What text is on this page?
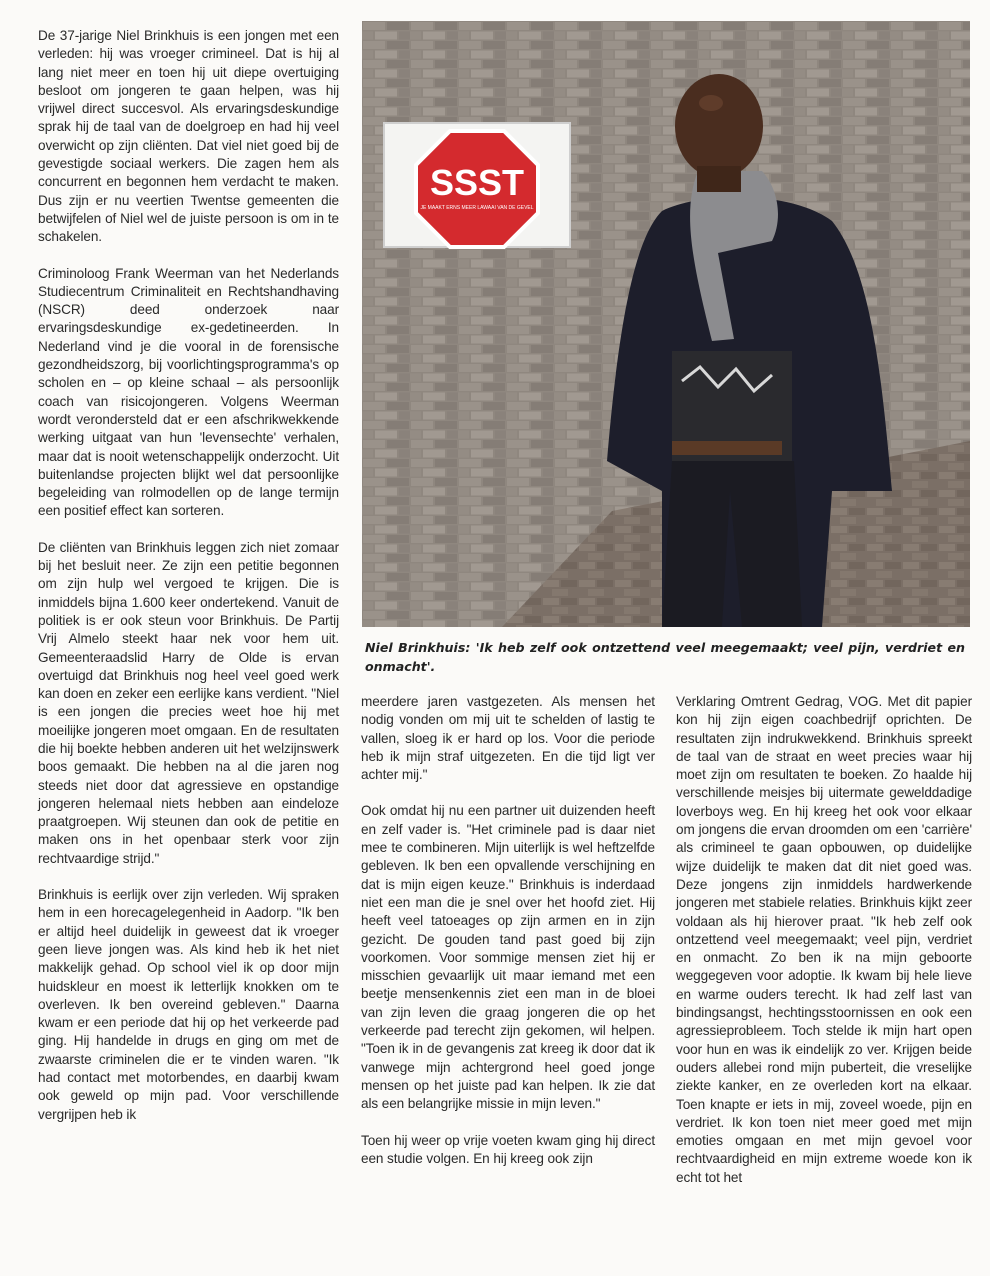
De 37-jarige Niel Brinkhuis is een jongen met een verleden: hij was vroeger crimineel. Dat is hij al lang niet meer en toen hij uit diepe overtuiging besloot om jongeren te gaan helpen, was hij vrijwel direct succesvol. Als ervaringsdeskundige sprak hij de taal van de doelgroep en had hij veel overwicht op zijn cliënten. Dat viel niet goed bij de gevestigde sociaal werkers. Die zagen hem als concurrent en begonnen hem verdacht te maken. Dus zijn er nu veertien Twentse gemeenten die betwijfelen of Niel wel de juiste persoon is om in te schakelen.

Criminoloog Frank Weerman van het Nederlands Studiecentrum Criminaliteit en Rechtshandhaving (NSCR) deed onderzoek naar ervaringsdeskundige ex-gedetineerden. In Nederland vind je die vooral in de forensische gezondheidszorg, bij voorlichtingsprogramma's op scholen en – op kleine schaal – als persoonlijk coach van risicojongeren. Volgens Weerman wordt verondersteld dat er een afschrikwekkende werking uitgaat van hun 'levensechte' verhalen, maar dat is nooit wetenschappelijk onderzocht. Uit buitenlandse projecten blijkt wel dat persoonlijke begeleiding van rolmodellen op de lange termijn een positief effect kan sorteren.

De cliënten van Brinkhuis leggen zich niet zomaar bij het besluit neer. Ze zijn een petitie begonnen om zijn hulp wel vergoed te krijgen. Die is inmiddels bijna 1.600 keer ondertekend. Vanuit de politiek is er ook steun voor Brinkhuis. De Partij Vrij Almelo steekt haar nek voor hem uit. Gemeenteraadslid Harry de Olde is ervan overtuigd dat Brinkhuis nog heel veel goed werk kan doen en zeker een eerlijke kans verdient. "Niel is een jongen die precies weet hoe hij met moeilijke jongeren moet omgaan. En de resultaten die hij boekte hebben anderen uit het welzijnswerk boos gemaakt. Die hebben na al die jaren nog steeds niet door dat agressieve en opstandige jongeren helemaal niets hebben aan eindeloze praatgroepen. Wij steunen dan ook de petitie en maken ons in het openbaar sterk voor zijn rechtvaardige strijd."

Brinkhuis is eerlijk over zijn verleden. Wij spraken hem in een horecagelegenheid in Aadorp. "Ik ben er altijd heel duidelijk in geweest dat ik vroeger geen lieve jongen was. Als kind heb ik het niet makkelijk gehad. Op school viel ik op door mijn huidskleur en moest ik letterlijk knokken om te overleven. Ik ben overeind gebleven." Daarna kwam er een periode dat hij op het verkeerde pad ging. Hij handelde in drugs en ging om met de zwaarste criminelen die er te vinden waren. "Ik had contact met motorbendes, en daarbij kwam ook geweld op mijn pad. Voor verschillende vergrijpen heb ik

SSST
JE MAAKT ERNS MEER LAWAAI VAN DE GEVEL
Niel Brinkhuis: 'Ik heb zelf ook ontzettend veel meegemaakt; veel pijn, verdriet en onmacht'.

meerdere jaren vastgezeten. Als mensen het nodig vonden om mij uit te schelden of lastig te vallen, sloeg ik er hard op los. Voor die periode heb ik mijn straf uitgezeten. En die tijd ligt ver achter mij."

Ook omdat hij nu een partner uit duizenden heeft en zelf vader is. "Het criminele pad is daar niet mee te combineren. Mijn uiterlijk is wel heftzelfde gebleven. Ik ben een opvallende verschijning en dat is mijn eigen keuze." Brinkhuis is inderdaad niet een man die je snel over het hoofd ziet. Hij heeft veel tatoeages op zijn armen en in zijn gezicht. De gouden tand past goed bij zijn voorkomen. Voor sommige mensen ziet hij er misschien gevaarlijk uit maar iemand met een beetje mensenkennis ziet een man in de bloei van zijn leven die graag jongeren die op het verkeerde pad terecht zijn gekomen, wil helpen. "Toen ik in de gevangenis zat kreeg ik door dat ik vanwege mijn achtergrond heel goed jonge mensen op het juiste pad kan helpen. Ik zie dat als een belangrijke missie in mijn leven."

Toen hij weer op vrije voeten kwam ging hij direct een studie volgen. En hij kreeg ook zijn

Verklaring Omtrent Gedrag, VOG. Met dit papier kon hij zijn eigen coachbedrijf oprichten. De resultaten zijn indrukwekkend. Brinkhuis spreekt de taal van de straat en weet precies waar hij moet zijn om resultaten te boeken. Zo haalde hij verschillende meisjes bij uitermate gewelddadige loverboys weg. En hij kreeg het ook voor elkaar om jongens die ervan droomden om een 'carrière' als crimineel te gaan opbouwen, op duidelijke wijze duidelijk te maken dat dit niet goed was. Deze jongens zijn inmiddels hardwerkende jongeren met stabiele relaties. Brinkhuis kijkt zeer voldaan als hij hierover praat. "Ik heb zelf ook ontzettend veel meegemaakt; veel pijn, verdriet en onmacht. Zo ben ik na mijn geboorte weggegeven voor adoptie. Ik kwam bij hele lieve en warme ouders terecht. Ik had zelf last van bindingsangst, hechtingsstoornissen en ook een agressieprobleem. Toch stelde ik mijn hart open voor hun en was ik eindelijk zo ver. Krijgen beide ouders allebei rond mijn puberteit, die vreselijke ziekte kanker, en ze overleden kort na elkaar. Toen knapte er iets in mij, zoveel woede, pijn en verdriet. Ik kon toen niet meer goed met mijn emoties omgaan en met mijn gevoel voor rechtvaardigheid en mijn extreme woede kon ik echt tot het
